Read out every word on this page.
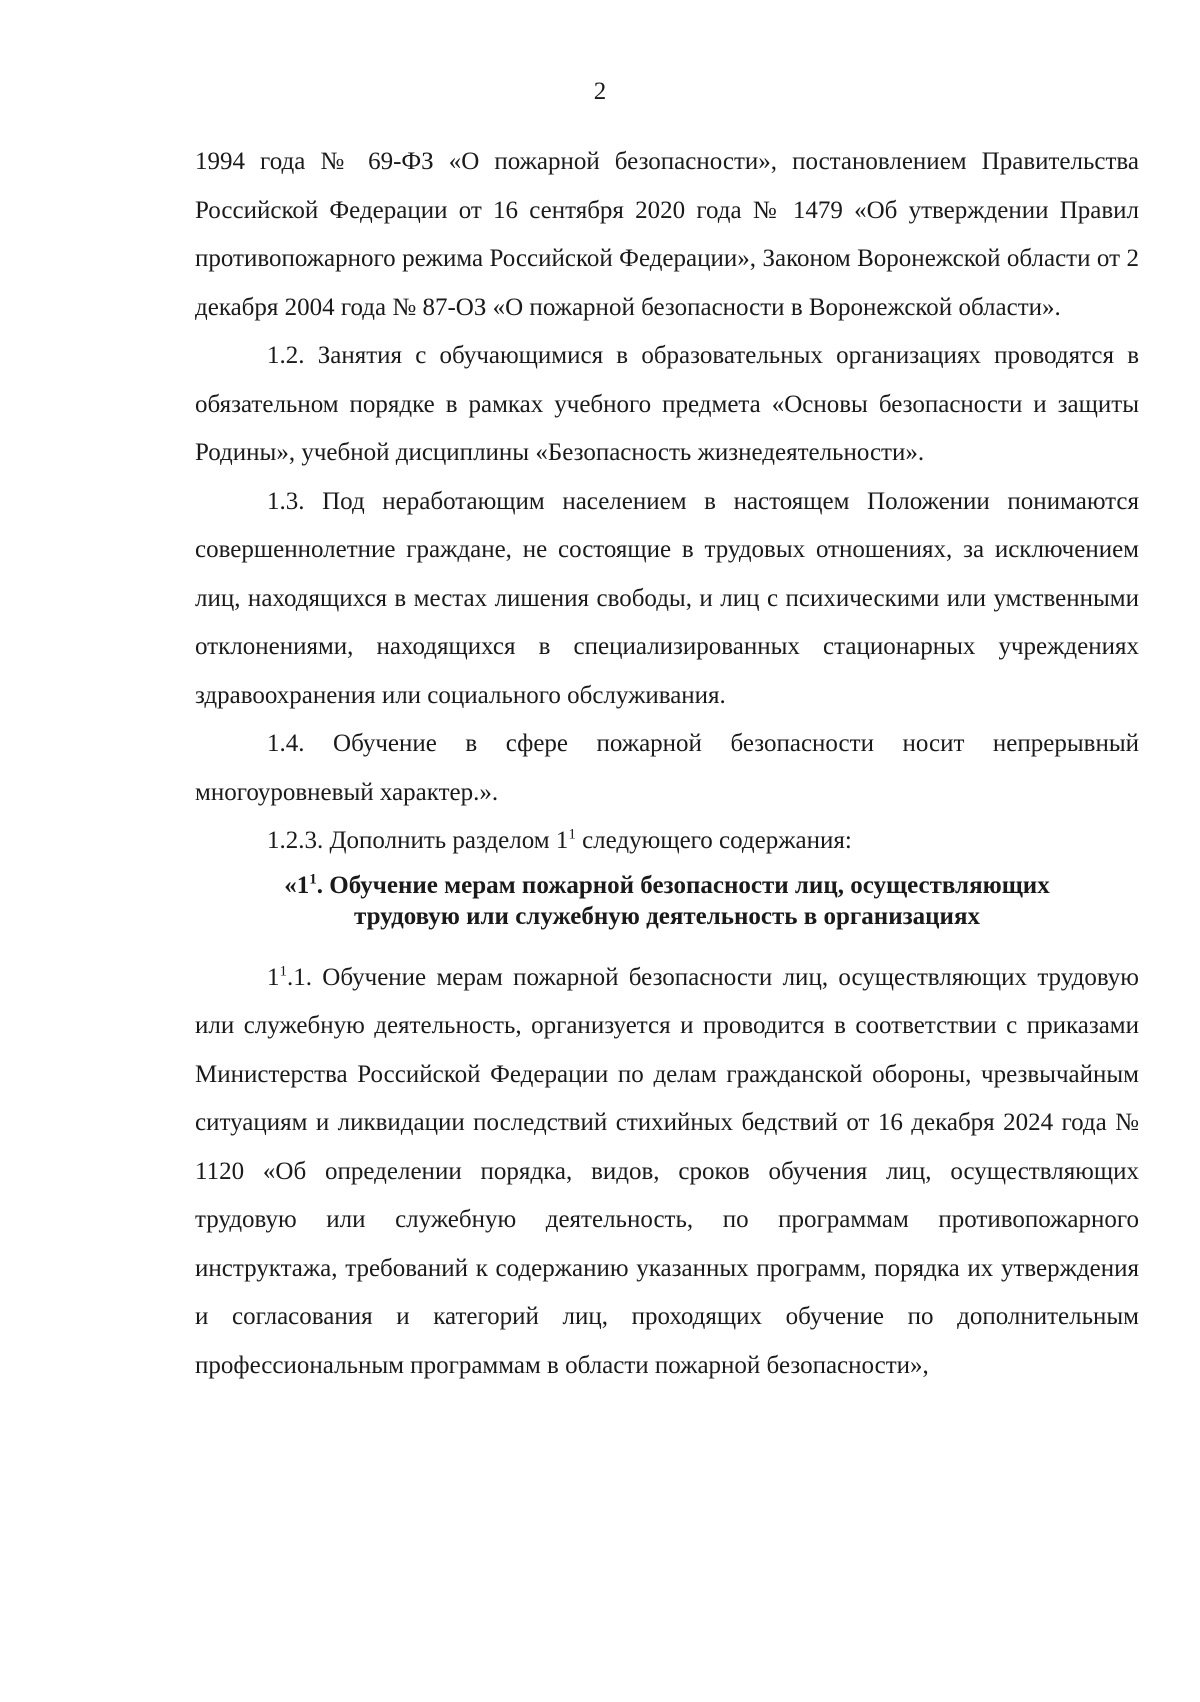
2

1994 года № 69-ФЗ «О пожарной безопасности», постановлением Правительства Российской Федерации от 16 сентября 2020 года № 1479 «Об утверждении Правил противопожарного режима Российской Федерации», Законом Воронежской области от 2 декабря 2004 года № 87-ОЗ «О пожарной безопасности в Воронежской области».

1.2. Занятия с обучающимися в образовательных организациях проводятся в обязательном порядке в рамках учебного предмета «Основы безопасности и защиты Родины», учебной дисциплины «Безопасность жизнедеятельности».

1.3. Под неработающим населением в настоящем Положении понимаются совершеннолетние граждане, не состоящие в трудовых отношениях, за исключением лиц, находящихся в местах лишения свободы, и лиц с психическими или умственными отклонениями, находящихся в специализированных стационарных учреждениях здравоохранения или социального обслуживания.

1.4. Обучение в сфере пожарной безопасности носит непрерывный многоуровневый характер.».

1.2.3. Дополнить разделом $1^1$ следующего содержания:

«$1^1$. Обучение мерам пожарной безопасности лиц, осуществляющих
трудовую или служебную деятельность в организациях

$1^1.1$. Обучение мерам пожарной безопасности лиц, осуществляющих трудовую или служебную деятельность, организуется и проводится в соответствии с приказами Министерства Российской Федерации по делам гражданской обороны, чрезвычайным ситуациям и ликвидации последствий стихийных бедствий от 16 декабря 2024 года № 1120 «Об определении порядка, видов, сроков обучения лиц, осуществляющих трудовую или служебную деятельность, по программам противопожарного инструктажа, требований к содержанию указанных программ, порядка их утверждения и согласования и категорий лиц, проходящих обучение по дополнительным профессиональным программам в области пожарной безопасности»,
